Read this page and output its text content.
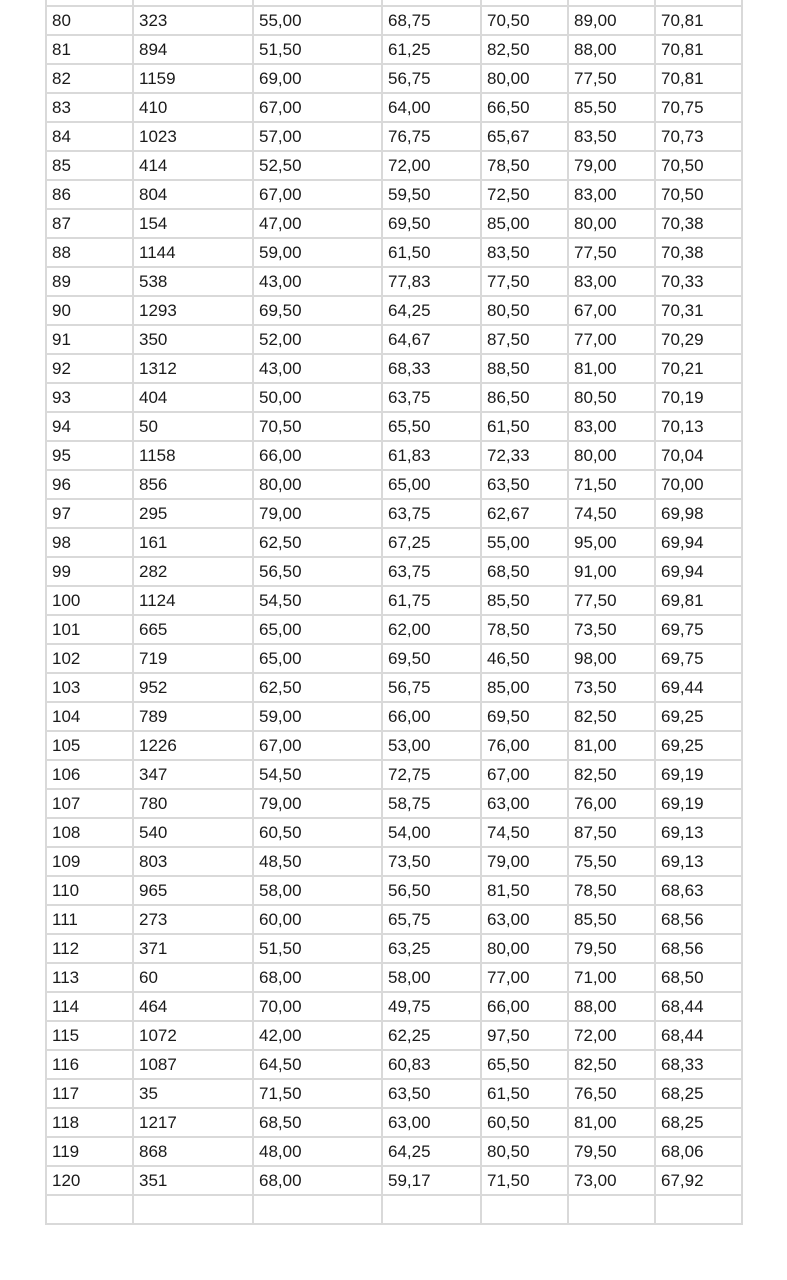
80	323	55,00	68,75	70,50	89,00	70,81
81	894	51,50	61,25	82,50	88,00	70,81
82	1159	69,00	56,75	80,00	77,50	70,81
83	410	67,00	64,00	66,50	85,50	70,75
84	1023	57,00	76,75	65,67	83,50	70,73
85	414	52,50	72,00	78,50	79,00	70,50
86	804	67,00	59,50	72,50	83,00	70,50
87	154	47,00	69,50	85,00	80,00	70,38
88	1144	59,00	61,50	83,50	77,50	70,38
89	538	43,00	77,83	77,50	83,00	70,33
90	1293	69,50	64,25	80,50	67,00	70,31
91	350	52,00	64,67	87,50	77,00	70,29
92	1312	43,00	68,33	88,50	81,00	70,21
93	404	50,00	63,75	86,50	80,50	70,19
94	50	70,50	65,50	61,50	83,00	70,13
95	1158	66,00	61,83	72,33	80,00	70,04
96	856	80,00	65,00	63,50	71,50	70,00
97	295	79,00	63,75	62,67	74,50	69,98
98	161	62,50	67,25	55,00	95,00	69,94
99	282	56,50	63,75	68,50	91,00	69,94
100	1124	54,50	61,75	85,50	77,50	69,81
101	665	65,00	62,00	78,50	73,50	69,75
102	719	65,00	69,50	46,50	98,00	69,75
103	952	62,50	56,75	85,00	73,50	69,44
104	789	59,00	66,00	69,50	82,50	69,25
105	1226	67,00	53,00	76,00	81,00	69,25
106	347	54,50	72,75	67,00	82,50	69,19
107	780	79,00	58,75	63,00	76,00	69,19
108	540	60,50	54,00	74,50	87,50	69,13
109	803	48,50	73,50	79,00	75,50	69,13
110	965	58,00	56,50	81,50	78,50	68,63
111	273	60,00	65,75	63,00	85,50	68,56
112	371	51,50	63,25	80,00	79,50	68,56
113	60	68,00	58,00	77,00	71,00	68,50
114	464	70,00	49,75	66,00	88,00	68,44
115	1072	42,00	62,25	97,50	72,00	68,44
116	1087	64,50	60,83	65,50	82,50	68,33
117	35	71,50	63,50	61,50	76,50	68,25
118	1217	68,50	63,00	60,50	81,00	68,25
119	868	48,00	64,25	80,50	79,50	68,06
120	351	68,00	59,17	71,50	73,00	67,92
